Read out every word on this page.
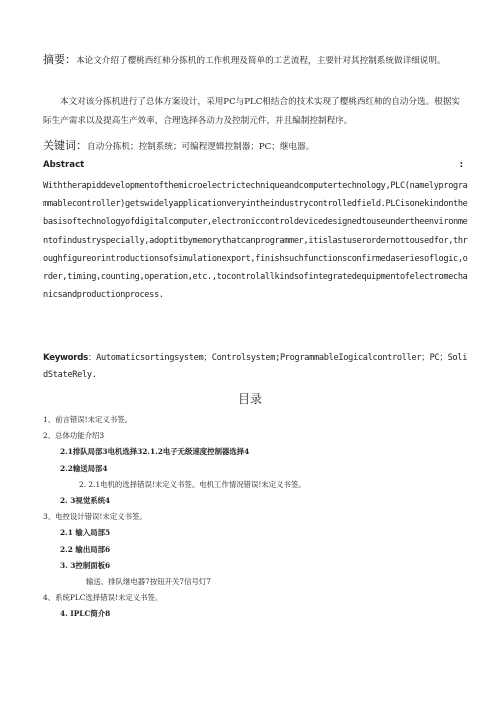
摘要：本论文介绍了樱桃西红柿分拣机的工作机理及简单的工艺流程，主要针对其控制系统做详细说明。
本文对该分拣机进行了总体方案设计，采用PC与PLC相结合的技术实现了樱桃西红柿的自动分选。根据实际生产需求以及提高生产效率，合理选择各动力及控制元件，并且编制控制程序。
关键词：自动分拣机；控制系统；可编程逻辑控制器；PC；继电器。
Abstract	:
Withtherapiddevelopmentofthemicroelectrictechniqueandcomputertechnology,PLC(namelyprogrammablecontroller)getswidelyapplicationveryintheindustrycontrolledfield.PLCisonekindonthebasisoftechnologyofdigitalcomputer,electroniccontroldevicedesignedtouseundertheenvironmentofindustryspecially,adoptitbymemorythatcanprogrammer,itislastuserordernottousedfor,throughfigureorintroductionsofsimulationexport,finishsuchfunctionsconfirmedaseriesoflogic,order,timing,counting,operation,etc.,tocontrolallkindsofintegratedequipmentofelectromechanicsandproductionprocess.
Keywords：Automaticsortingsystem；Controlsystem;ProgrammableIogicalcontroller；PC；SolidStateRely.
目录
1、前言错误!未定义书签。
2、总体功能介绍3
2.1排队局部3电机选择32.1.2电子无级速度控制器选择4
2.2输送局部4
2. 2.1电机的选择错误!未定义书签。电机工作情况错误!未定义书签。
2. 3视觉系统4
3、电控设计错误!未定义书签。
2.1 输入局部5
2.2 输出局部6
3. 3控制面板6
输送、排队继电器7按钮开关7信号灯7
4、系统PLC选择错误!未定义书签。
4. IPLC简介8
